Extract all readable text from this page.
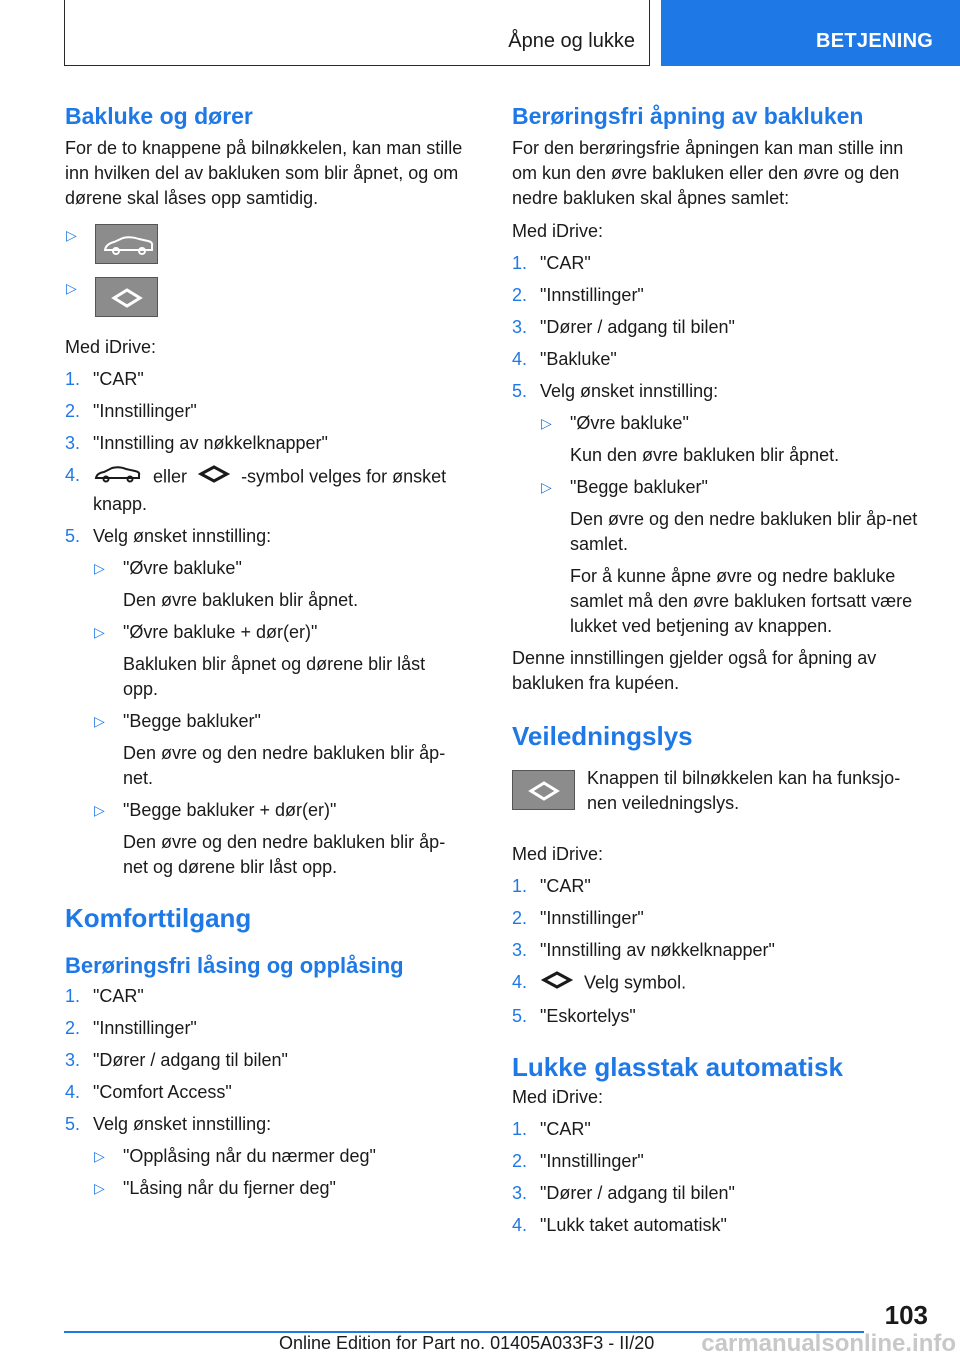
Åpne og lukke	BETJENING
Bakluke og dører

For de to knappene på bilnøkkelen, kan man stille inn hvilken del av bakluken som blir åpnet, og om dørene skal låses opp samtidig.

▷
▷

Med iDrive:

1. "CAR"
2. "Innstillinger"
3. "Innstilling av nøkkelknapper"
4.	eller	-symbol velges for ønsket knapp.
5. Velg ønsket innstilling:
▷ "Øvre bakluke"
Den øvre bakluken blir åpnet.
▷ "Øvre bakluke + dør(er)"
Bakluken blir åpnet og dørene blir låst opp.
▷ "Begge bakluker"
Den øvre og den nedre bakluken blir åp-net.
▷ "Begge bakluker + dør(er)"
Den øvre og den nedre bakluken blir åp-net og dørene blir låst opp.
Komforttilgang
Berøringsfri låsing og opplåsing
1. "CAR"
2. "Innstillinger"
3. "Dører / adgang til bilen"
4. "Comfort Access"
5. Velg ønsket innstilling:
▷ "Opplåsing når du nærmer deg"
▷ "Låsing når du fjerner deg"
Berøringsfri åpning av bakluken

For den berøringsfrie åpningen kan man stille inn om kun den øvre bakluken eller den øvre og den nedre bakluken skal åpnes samlet:

Med iDrive:

1. "CAR"
2. "Innstillinger"
3. "Dører / adgang til bilen"
4. "Bakluke"
5. Velg ønsket innstilling:
▷ "Øvre bakluke"
Kun den øvre bakluken blir åpnet.
▷ "Begge bakluker"
Den øvre og den nedre bakluken blir åp-net samlet.
For å kunne åpne øvre og nedre bakluke samlet må den øvre bakluken fortsatt være lukket ved betjening av knappen.

Denne innstillingen gjelder også for åpning av bakluken fra kupéen.

Veiledningslys
Knappen til bilnøkkelen kan ha funksjo-nen veiledningslys.

Med iDrive:

1. "CAR"
2. "Innstillinger"
3. "Innstilling av nøkkelknapper"
4.	Velg symbol.
5. "Eskortelys"
Lukke glasstak automatisk

Med iDrive:

1. "CAR"
2. "Innstillinger"
3. "Dører / adgang til bilen"
4. "Lukk taket automatisk"
103
Online Edition for Part no. 01405A033F3 - II/20 carmanualsonline.info
